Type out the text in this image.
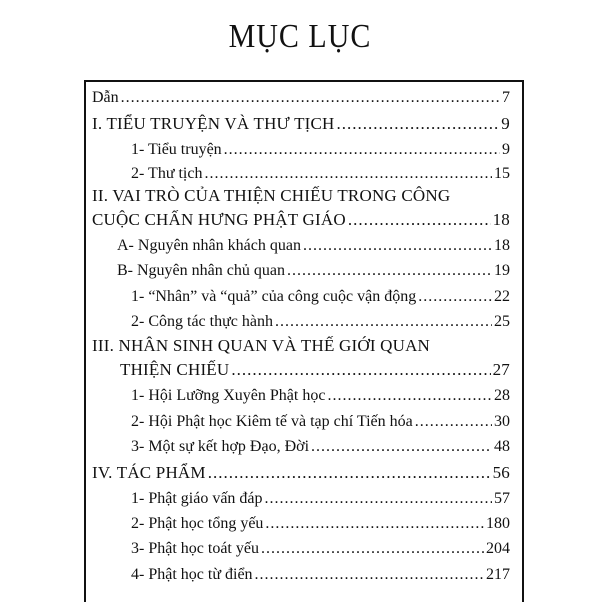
MỤC LỤC
Dẫn .....	7
I. TIỂU TRUYỆN VÀ THƯ TỊCH .....	9
1- Tiểu truyện .....	9
2- Thư tịch .....	15
II. VAI TRÒ CỦA THIỆN CHIẾU TRONG CÔNG
CUỘC CHẤN HƯNG PHẬT GIÁO .....	18
A- Nguyên nhân khách quan .....	18
B- Nguyên nhân chủ quan .....	19
1- “Nhân” và “quả” của công cuộc vận động .....	22
2- Công tác thực hành .....	25
III. NHÂN SINH QUAN VÀ THẾ GIỚI QUAN
THIỆN CHIẾU .....	27
1- Hội Lưỡng Xuyên Phật học .....	28
2- Hội Phật học Kiêm tế và tạp chí Tiến hóa .....	30
3- Một sự kết hợp Đạo, Đời .....	48
IV. TÁC PHẨM .....	56
1- Phật giáo vấn đáp .....	57
2- Phật học tổng yếu .....	180
3- Phật học toát yếu .....	204
4- Phật học từ điển .....	217
